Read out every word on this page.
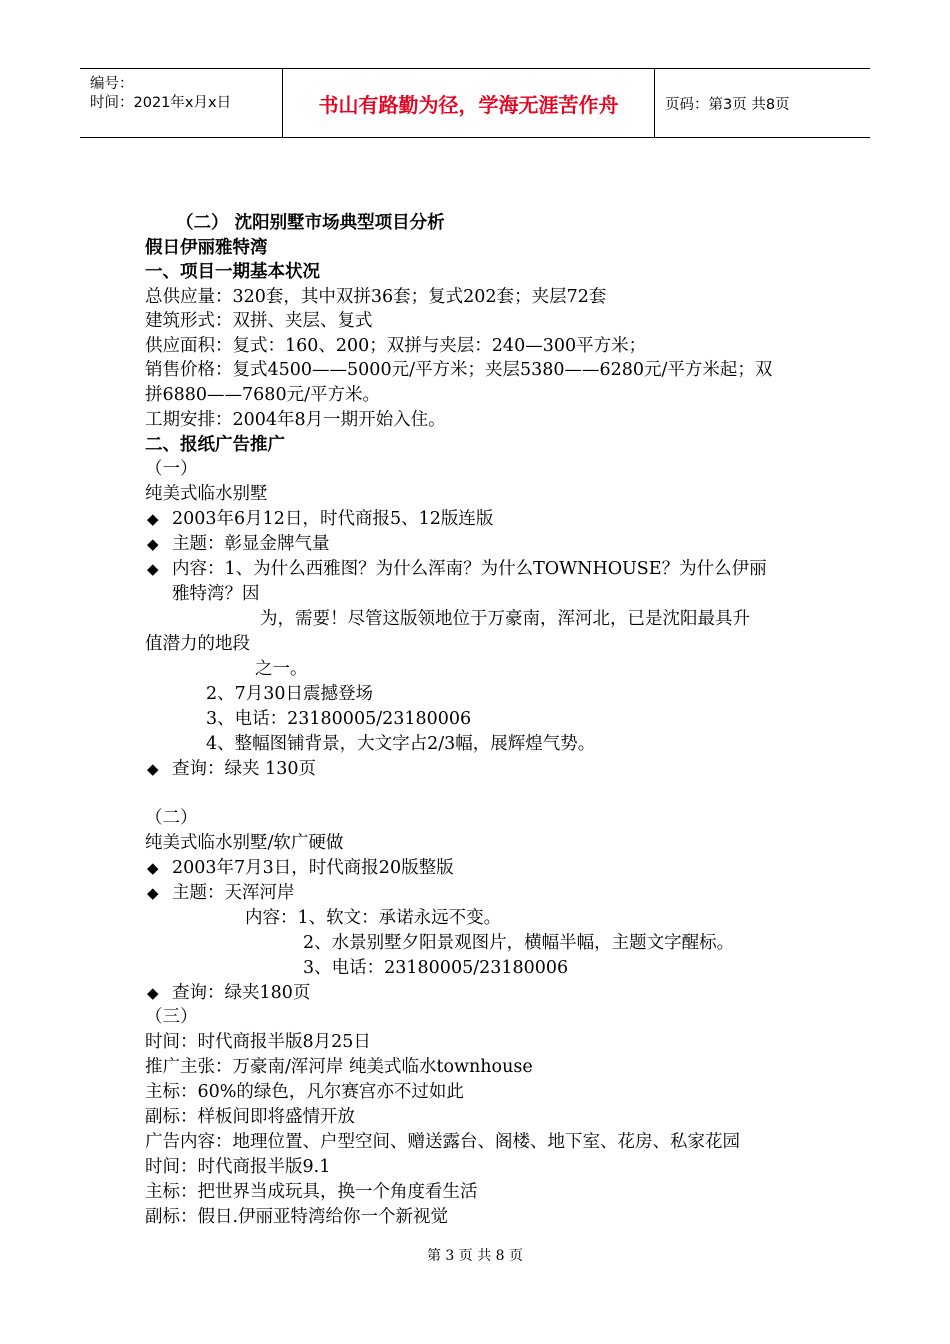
编号：
时间：2021年x月x日	书山有路勤为径，学海无涯苦作舟	页码：第3页 共8页
（二） 沈阳别墅市场典型项目分析
假日伊丽雅特湾
一、项目一期基本状况
总供应量：320套，其中双拼36套；复式202套；夹层72套
建筑形式：双拼、夹层、复式
供应面积：复式：160、200；双拼与夹层：240—300平方米；
销售价格：复式4500——5000元/平方米；夹层5380——6280元/平方米起；双
拼6880——7680元/平方米。
工期安排：2004年8月一期开始入住。
二、报纸广告推广
（一）
纯美式临水别墅
◆ 2003年6月12日，时代商报5、12版连版
◆ 主题：彰显金牌气量
◆ 内容：1、为什么西雅图？为什么浑南？为什么TOWNHOUSE？为什么伊丽
雅特湾？因
为，需要！尽管这版领地位于万豪南，浑河北，已是沈阳最具升
值潜力的地段
之一。
2、7月30日震撼登场
3、电话：23180005/23180006
4、整幅图铺背景，大文字占2/3幅，展辉煌气势。
◆ 查询：绿夹 130页
（二）
纯美式临水别墅/软广硬做
◆ 2003年7月3日，时代商报20版整版
◆ 主题：天浑河岸
内容：1、软文：承诺永远不变。
2、水景别墅夕阳景观图片，横幅半幅，主题文字醒标。
3、电话：23180005/23180006
◆ 查询：绿夹180页
（三）
时间：时代商报半版8月25日
推广主张：万豪南/浑河岸 纯美式临水townhouse
主标：60%的绿色，凡尔赛宫亦不过如此
副标：样板间即将盛情开放
广告内容：地理位置、户型空间、赠送露台、阁楼、地下室、花房、私家花园
时间：时代商报半版9.1
主标：把世界当成玩具，换一个角度看生活
副标：假日.伊丽亚特湾给你一个新视觉
第 3 页 共 8 页
